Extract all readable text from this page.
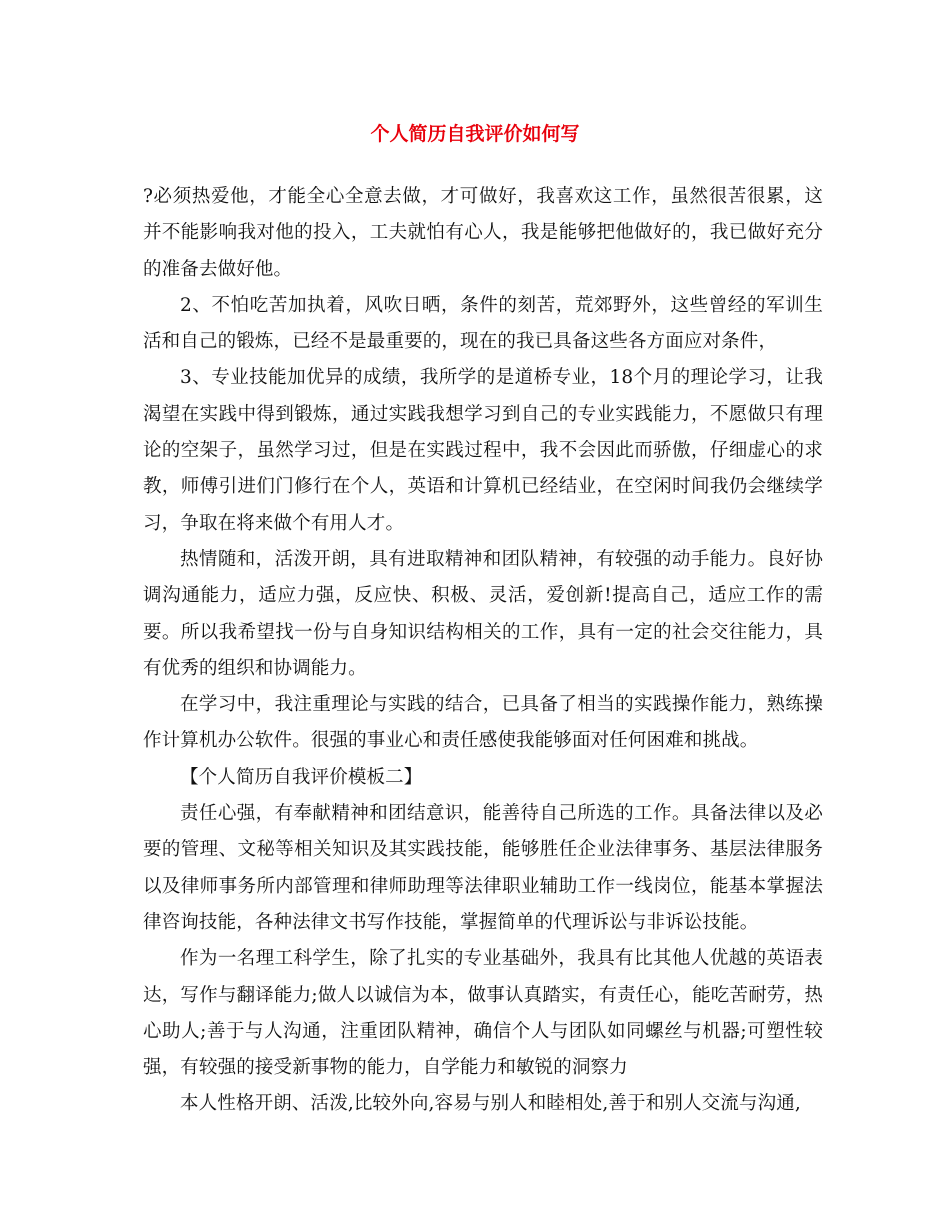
个人简历自我评价如何写

?必须热爱他，才能全心全意去做，才可做好，我喜欢这工作，虽然很苦很累，这并不能影响我对他的投入，工夫就怕有心人，我是能够把他做好的，我已做好充分的准备去做好他。

2、不怕吃苦加执着，风吹日晒，条件的刻苦，荒郊野外，这些曾经的军训生活和自己的锻炼，已经不是最重要的，现在的我已具备这些各方面应对条件，

3、专业技能加优异的成绩，我所学的是道桥专业，18个月的理论学习，让我渴望在实践中得到锻炼，通过实践我想学习到自己的专业实践能力，不愿做只有理论的空架子，虽然学习过，但是在实践过程中，我不会因此而骄傲，仔细虚心的求教，师傅引进们门修行在个人，英语和计算机已经结业，在空闲时间我仍会继续学习，争取在将来做个有用人才。

热情随和，活泼开朗，具有进取精神和团队精神，有较强的动手能力。良好协调沟通能力，适应力强，反应快、积极、灵活，爱创新!提高自己，适应工作的需要。所以我希望找一份与自身知识结构相关的工作，具有一定的社会交往能力，具有优秀的组织和协调能力。

在学习中，我注重理论与实践的结合，已具备了相当的实践操作能力，熟练操作计算机办公软件。很强的事业心和责任感使我能够面对任何困难和挑战。

【个人简历自我评价模板二】

责任心强，有奉献精神和团结意识，能善待自己所选的工作。具备法律以及必要的管理、文秘等相关知识及其实践技能，能够胜任企业法律事务、基层法律服务以及律师事务所内部管理和律师助理等法律职业辅助工作一线岗位，能基本掌握法律咨询技能，各种法律文书写作技能，掌握简单的代理诉讼与非诉讼技能。

作为一名理工科学生，除了扎实的专业基础外，我具有比其他人优越的英语表达，写作与翻译能力;做人以诚信为本，做事认真踏实，有责任心，能吃苦耐劳，热心助人;善于与人沟通，注重团队精神，确信个人与团队如同螺丝与机器;可塑性较强，有较强的接受新事物的能力，自学能力和敏锐的洞察力

本人性格开朗、活泼,比较外向,容易与别人和睦相处,善于和别人交流与沟通,
